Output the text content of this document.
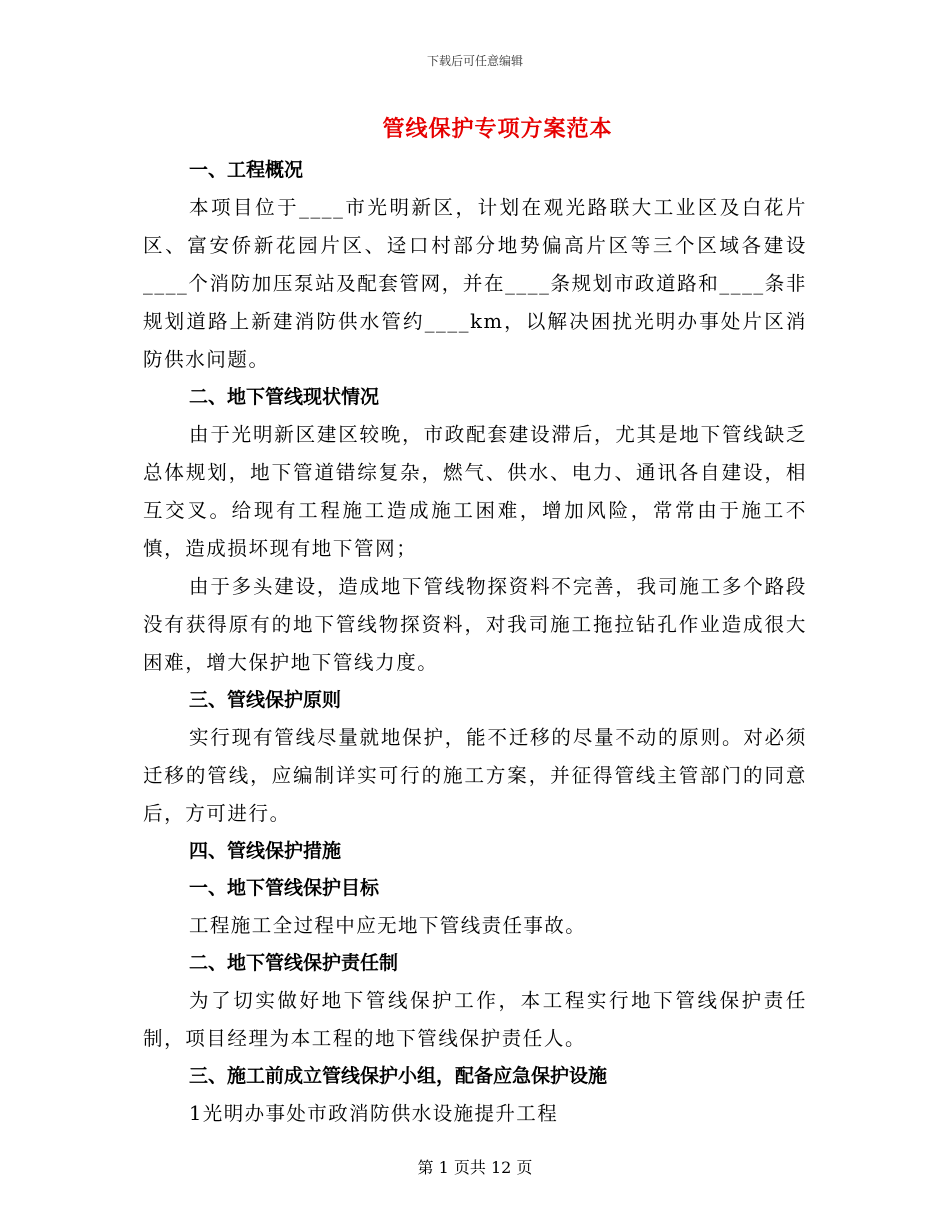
下载后可任意编辑
管线保护专项方案范本
一、工程概况
本项目位于____市光明新区，计划在观光路联大工业区及白花片区、富安侨新花园片区、迳口村部分地势偏高片区等三个区域各建设____个消防加压泵站及配套管网，并在____条规划市政道路和____条非规划道路上新建消防供水管约____km，以解决困扰光明办事处片区消防供水问题。
二、地下管线现状情况
由于光明新区建区较晚，市政配套建设滞后，尤其是地下管线缺乏总体规划，地下管道错综复杂，燃气、供水、电力、通讯各自建设，相互交叉。给现有工程施工造成施工困难，增加风险，常常由于施工不慎，造成损坏现有地下管网；
由于多头建设，造成地下管线物探资料不完善，我司施工多个路段没有获得原有的地下管线物探资料，对我司施工拖拉钻孔作业造成很大困难，增大保护地下管线力度。
三、管线保护原则
实行现有管线尽量就地保护，能不迁移的尽量不动的原则。对必须迁移的管线，应编制详实可行的施工方案，并征得管线主管部门的同意后，方可进行。
四、管线保护措施
一、地下管线保护目标
工程施工全过程中应无地下管线责任事故。
二、地下管线保护责任制
为了切实做好地下管线保护工作，本工程实行地下管线保护责任制，项目经理为本工程的地下管线保护责任人。
三、施工前成立管线保护小组，配备应急保护设施
1光明办事处市政消防供水设施提升工程
第 1 页共 12 页
